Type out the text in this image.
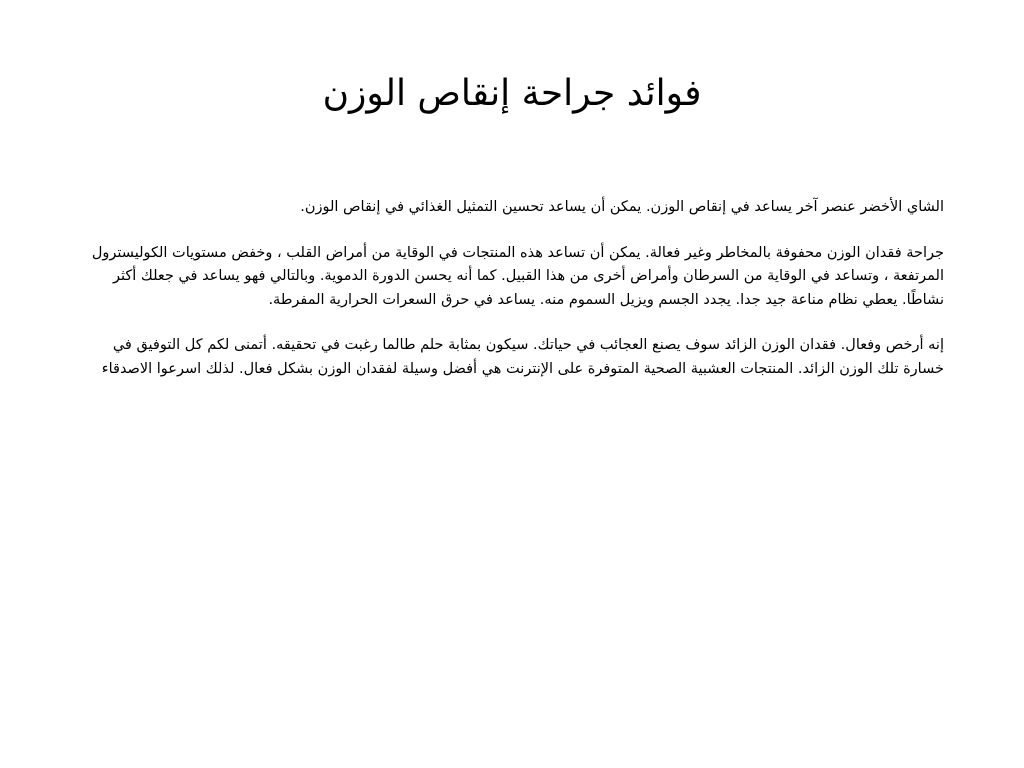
فوائد جراحة إنقاص الوزن

الشاي الأخضر عنصر آخر يساعد في إنقاص الوزن. يمكن أن يساعد تحسين التمثيل الغذائي في إنقاص الوزن.

جراحة فقدان الوزن محفوفة بالمخاطر وغير فعالة. يمكن أن تساعد هذه المنتجات في الوقاية من أمراض القلب ، وخفض مستويات الكوليسترول المرتفعة ، وتساعد في الوقاية من السرطان وأمراض أخرى من هذا القبيل. كما أنه يحسن الدورة الدموية. وبالتالي فهو يساعد في جعلك أكثر نشاطًا. يعطي نظام مناعة جيد جدا. يجدد الجسم ويزيل السموم منه. يساعد في حرق السعرات الحرارية المفرطة.

إنه أرخص وفعال. فقدان الوزن الزائد سوف يصنع العجائب في حياتك. سيكون بمثابة حلم طالما رغبت في تحقيقه. أتمنى لكم كل التوفيق في خسارة تلك الوزن الزائد. المنتجات العشبية الصحية المتوفرة على الإنترنت هي أفضل وسيلة لفقدان الوزن بشكل فعال. لذلك اسرعوا الاصدقاء
